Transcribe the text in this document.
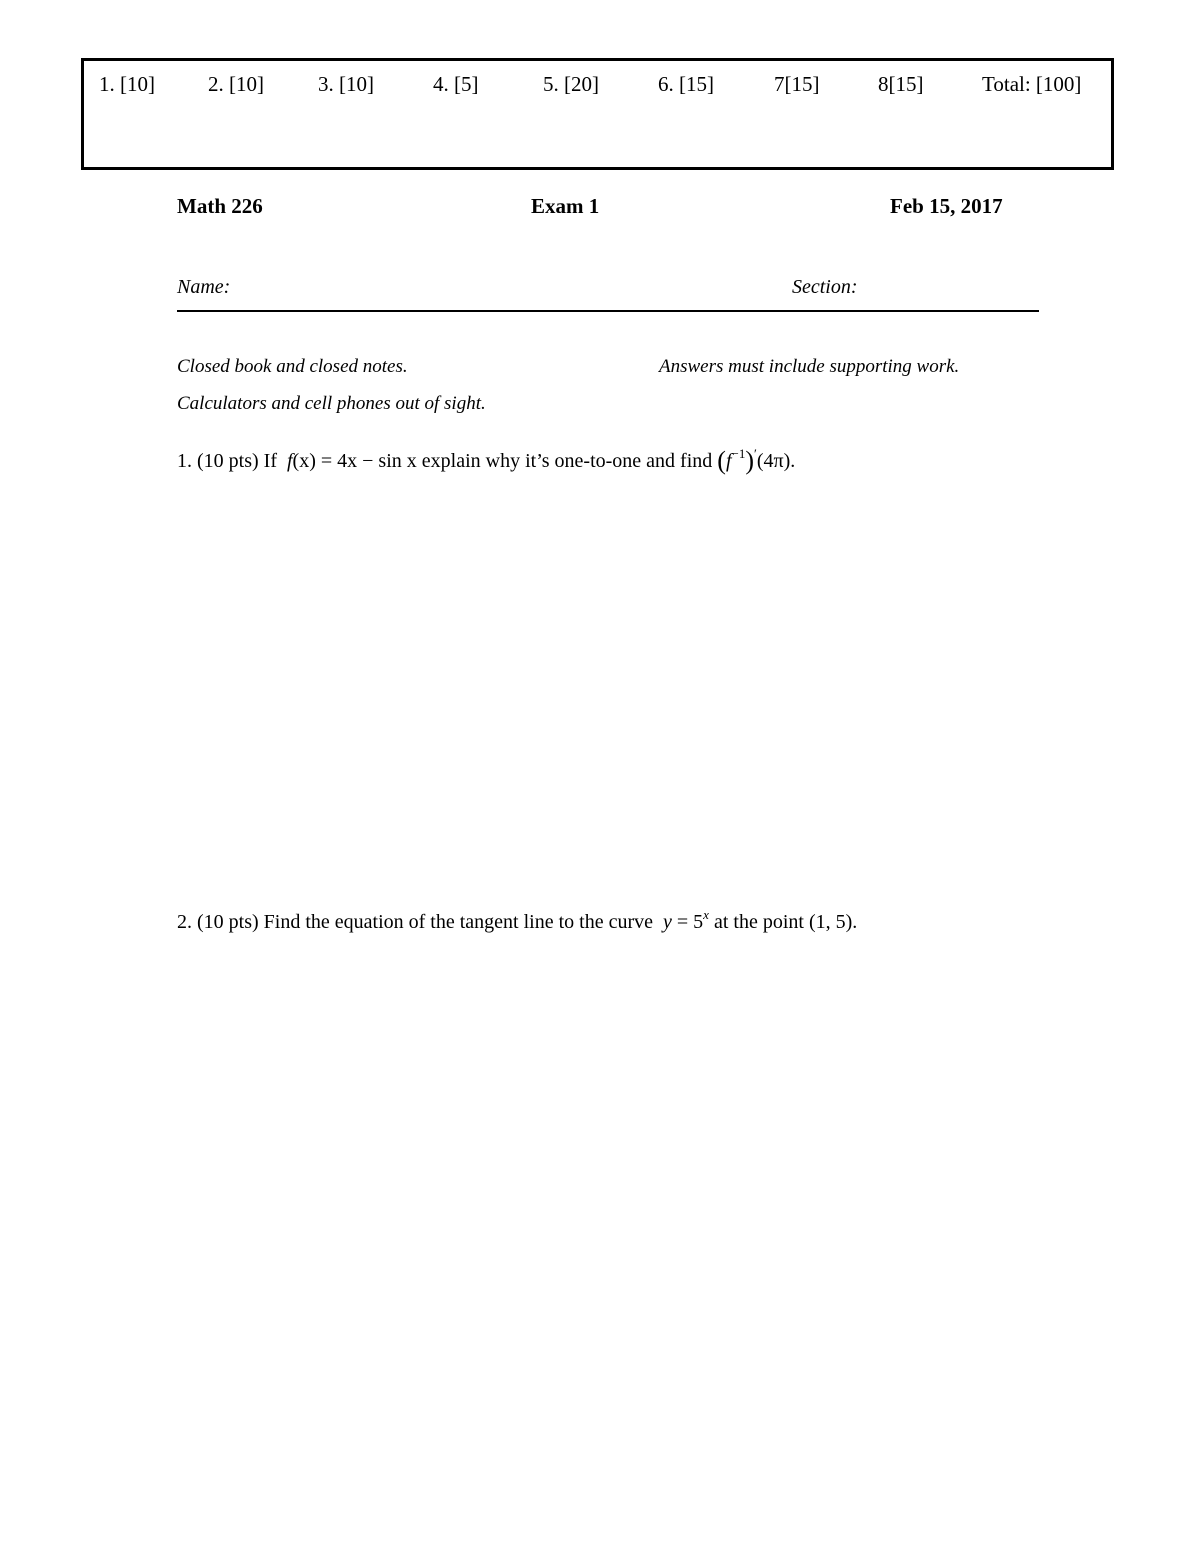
1. [10]	2. [10]	3. [10]	4. [5]	5. [20]	6. [15]	7[15]	8[15]	Total: [100]
Math 226	Exam 1	Feb 15, 2017
Name:	Section:
Closed book and closed notes.	Answers must include supporting work.
Calculators and cell phones out of sight.
1. (10 pts) If f(x) = 4x − sin x explain why it’s one-to-one and find $(f^{-1})'(4\pi)$.
2. (10 pts) Find the equation of the tangent line to the curve $y = 5^x$ at the point (1, 5).
